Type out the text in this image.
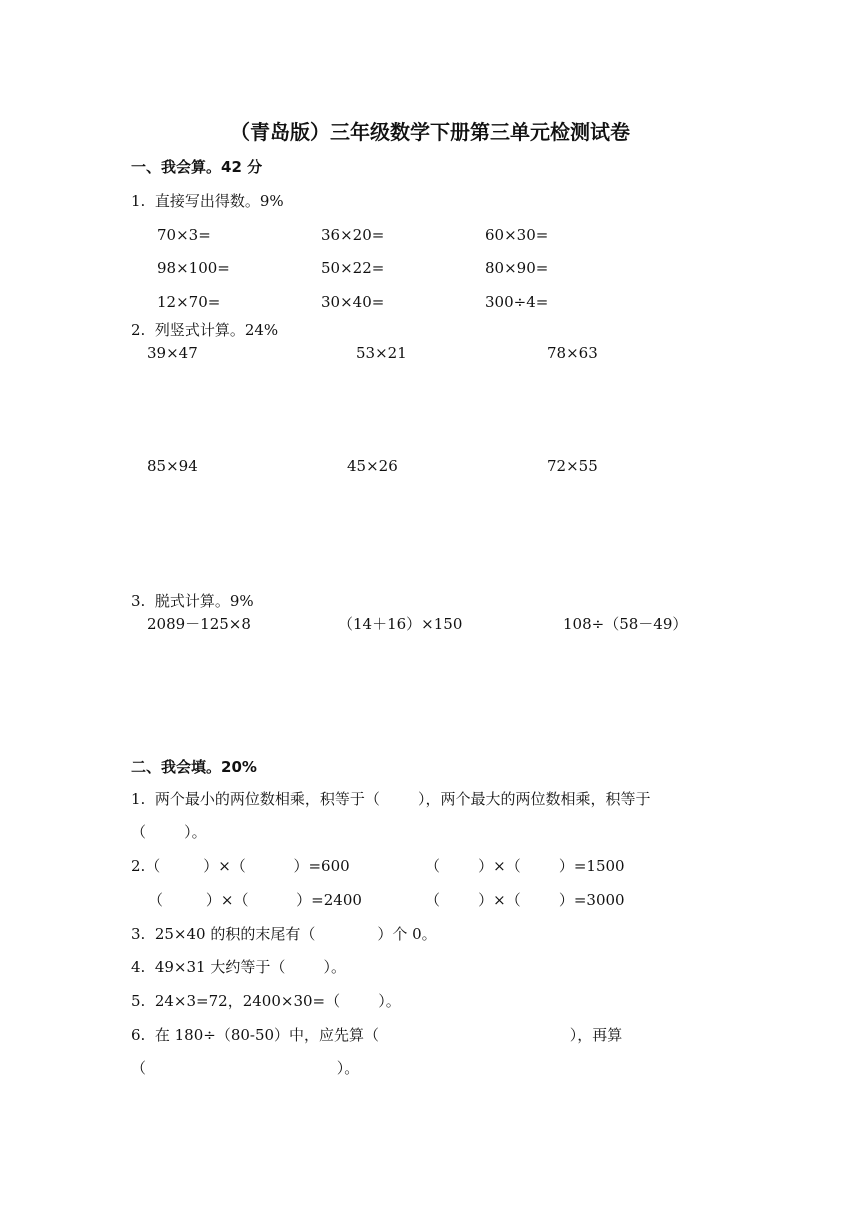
（青岛版）三年级数学下册第三单元检测试卷
一、我会算。42 分
1.  直接写出得数。9%
70×3=	36×20=	60×30=
98×100=	50×22=	80×90=
12×70=	30×40=	300÷4=
2.  列竖式计算。24%
39×47	53×21	78×63
85×94	45×26	72×55
3.  脱式计算。9%
2089－125×8	（14＋16）×150	108÷（58－49）
二、我会填。20%
1.  两个最小的两位数相乘，积等于（        ），两个最大的两位数相乘，积等于
（        ）。
2.（         ）×（          ）=600	（        ）×（        ）=1500
（         ）×（          ）=2400	（        ）×（        ）=3000
3.  25×40 的积的末尾有（             ）个 0。
4.  49×31 大约等于（        ）。
5.  24×3=72，2400×30=（        ）。
6.  在 180÷（80-50）中，应先算（                                        ），再算
（                                        ）。
